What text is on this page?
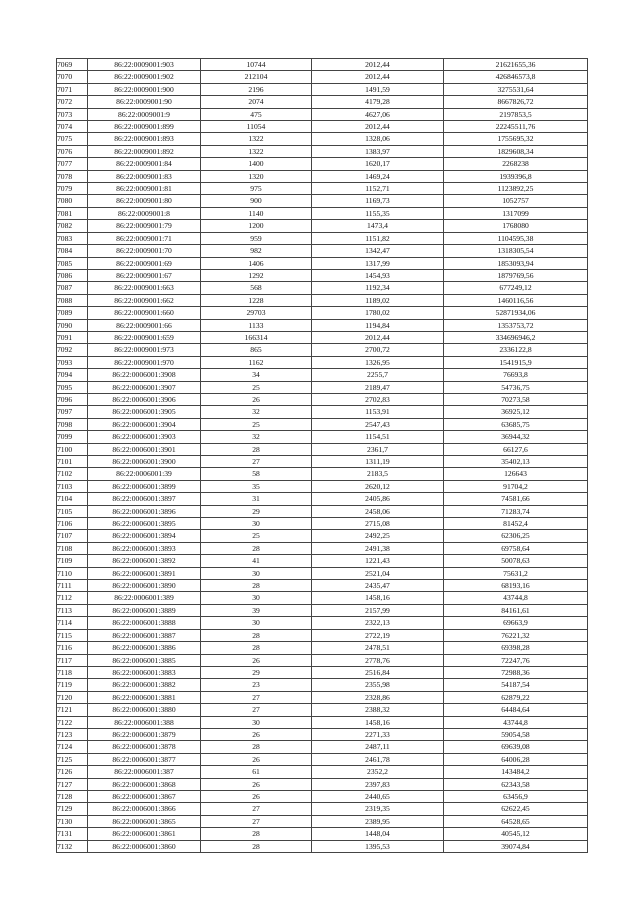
7069	86:22:0009001:903	10744	2012,44	21621655,36
7070	86:22:0009001:902	212104	2012,44	426846573,8
7071	86:22:0009001:900	2196	1491,59	3275531,64
7072	86:22:0009001:90	2074	4179,28	8667826,72
7073	86:22:0009001:9	475	4627,06	2197853,5
7074	86:22:0009001:899	11054	2012,44	22245511,76
7075	86:22:0009001:893	1322	1328,06	1755695,32
7076	86:22:0009001:892	1322	1383,97	1829608,34
7077	86:22:0009001:84	1400	1620,17	2268238
7078	86:22:0009001:83	1320	1469,24	1939396,8
7079	86:22:0009001:81	975	1152,71	1123892,25
7080	86:22:0009001:80	900	1169,73	1052757
7081	86:22:0009001:8	1140	1155,35	1317099
7082	86:22:0009001:79	1200	1473,4	1768080
7083	86:22:0009001:71	959	1151,82	1104595,38
7084	86:22:0009001:70	982	1342,47	1318305,54
7085	86:22:0009001:69	1406	1317,99	1853093,94
7086	86:22:0009001:67	1292	1454,93	1879769,56
7087	86:22:0009001:663	568	1192,34	677249,12
7088	86:22:0009001:662	1228	1189,02	1460116,56
7089	86:22:0009001:660	29703	1780,02	52871934,06
7090	86:22:0009001:66	1133	1194,84	1353753,72
7091	86:22:0009001:659	166314	2012,44	334696946,2
7092	86:22:0009001:973	865	2700,72	2336122,8
7093	86:22:0009001:970	1162	1326,95	1541915,9
7094	86:22:0006001:3908	34	2255,7	76693,8
7095	86:22:0006001:3907	25	2189,47	54736,75
7096	86:22:0006001:3906	26	2702,83	70273,58
7097	86:22:0006001:3905	32	1153,91	36925,12
7098	86:22:0006001:3904	25	2547,43	63685,75
7099	86:22:0006001:3903	32	1154,51	36944,32
7100	86:22:0006001:3901	28	2361,7	66127,6
7101	86:22:0006001:3900	27	1311,19	35402,13
7102	86:22:0006001:39	58	2183,5	126643
7103	86:22:0006001:3899	35	2620,12	91704,2
7104	86:22:0006001:3897	31	2405,86	74581,66
7105	86:22:0006001:3896	29	2458,06	71283,74
7106	86:22:0006001:3895	30	2715,08	81452,4
7107	86:22:0006001:3894	25	2492,25	62306,25
7108	86:22:0006001:3893	28	2491,38	69758,64
7109	86:22:0006001:3892	41	1221,43	50078,63
7110	86:22:0006001:3891	30	2521,04	75631,2
7111	86:22:0006001:3890	28	2435,47	68193,16
7112	86:22:0006001:389	30	1458,16	43744,8
7113	86:22:0006001:3889	39	2157,99	84161,61
7114	86:22:0006001:3888	30	2322,13	69663,9
7115	86:22:0006001:3887	28	2722,19	76221,32
7116	86:22:0006001:3886	28	2478,51	69398,28
7117	86:22:0006001:3885	26	2778,76	72247,76
7118	86:22:0006001:3883	29	2516,84	72988,36
7119	86:22:0006001:3882	23	2355,98	54187,54
7120	86:22:0006001:3881	27	2328,86	62879,22
7121	86:22:0006001:3880	27	2388,32	64484,64
7122	86:22:0006001:388	30	1458,16	43744,8
7123	86:22:0006001:3879	26	2271,33	59054,58
7124	86:22:0006001:3878	28	2487,11	69639,08
7125	86:22:0006001:3877	26	2461,78	64006,28
7126	86:22:0006001:387	61	2352,2	143484,2
7127	86:22:0006001:3868	26	2397,83	62343,58
7128	86:22:0006001:3867	26	2440,65	63456,9
7129	86:22:0006001:3866	27	2319,35	62622,45
7130	86:22:0006001:3865	27	2389,95	64528,65
7131	86:22:0006001:3861	28	1448,04	40545,12
7132	86:22:0006001:3860	28	1395,53	39074,84
